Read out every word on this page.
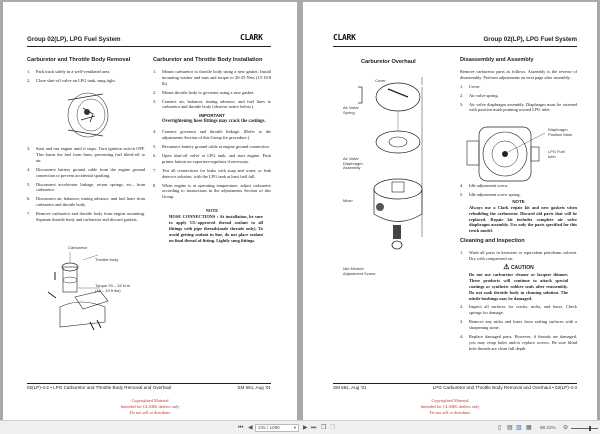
Group 02(LP), LPG Fuel System	CLARK
Carburetor and Throttle Body Removal
1.	Park truck safely in a well-ventilated area.
2.	Close shut-off valve on LPG tank, snug tight.
3.	Start and run engine until it stops. Turn ignition switch OFF. This burns the fuel from lines, preventing fuel bleed-off to air.
4.	Disconnect battery ground cable from the engine ground connection to prevent accidental sparking.
5.	Disconnect accelerator linkage, return springs, etc., from carburetor.
6.	Disconnect air, balancer, timing advance, and fuel lines from carburetor and throttle body.
7.	Remove carburetor and throttle body from engine mounting. Separate throttle body and carburetor and discard gaskets.
Carburetor
Throttle body
Torque 20 – 26 N.m
(15 – 19 ft lbs)
Carburetor and Throttle Body Installation
1.	Mount carburetor to throttle body using a new gasket. Install mounting washer and nuts and torque to 20-25 N•m (15-18.8 lb).
2.	Mount throttle body to governor using a new gasket.
3.	Connect air, balancer, timing advance, and fuel lines to carburetor and throttle body (observe notice below.)
IMPORTANT
Overtightening hose fittings may crack the castings.
4.	Connect governor and throttle linkage. (Refer to the adjustments Section of this Group for procedure.)
5.	Reconnect battery ground cable at engine ground connection.
6.	Open shut-off valve at LPG tank, and start engine. Push primer button on vaporizer-regulator if necessary.
7.	Test all connections for leaks with soap and water, or leak detector solution, with the LPG tank at least half full.
8.	When engine is at operating temperature, adjust carburetor according to instructions in the adjustments Section of this Group.
NOTE
HOSE CONNECTIONS : At installation, be sure to apply UL-approved thread sealant to all fittings with pipe threads(male threads only). To avoid getting sealant in line, do not place sealant on final thread of fitting. Lightly snug fittings.
02(LP)-4-2 • LPG Carburetor and Throttle Body Removal and Overhaul	SM 661, Aug '01
Copyrighted Material
Intended for CLARK dealers only
Do not sell or distribute
CLARK	Group 02(LP), LPG Fuel System
Carburetor Overhaul
Cover
Air Valve Spring
Air Valve Diaphragm Assembly
Mixer
Idle Mixture Adjustment Screw
Disassembly and Assembly
Remove carburetor parts as follows. Assembly is the reverse of disassembly. Perform adjustments on next page after assembly.
1.	Cover.
2.	Air valve spring.
3.	Air valve diaphragm assembly. Diaphragm must be oriented with position mark pointing toward LPG inlet.
Diaphragm Position Mark
LPG Fuel Inlet
4.	Idle adjustment screw.
5.	Idle adjustment screw spring.
NOTE
Always use a Clark repair kit and new gaskets when rebuilding the carburetor. Discard old parts that will be replaced. Repair kit includes complete air valve diaphragm assembly. Use only the parts specified for this truck model.
Cleaning and Inspection
1.	Wash all parts in kerosene or equivalent petroleum solvent. Dry with compressed air.
⚠ CAUTION
Do not use carburetor cleaner or lacquer thinner. These products will continue to attack special coatings or synthetic rubber seals after reassembly. Do not soak throttle body in cleaning solution. The nitrile bushings may be damaged.
2.	Inspect all surfaces for cracks, nicks, and burrs. Check springs for damage.
3.	Remove any nicks and burrs from sealing surfaces with a sharpening stone.
4.	Replace damaged parts. However, if threads are damaged, you may retap holes and/or replace screws. Be sure blind hole threads are clean full depth.
SM 661, Aug '01	LPG Carburetor and Throttle Body Removal and Overhaul • 02(LP)-4-3
Copyrighted Material
Intended for CLARK dealers only
Do not sell or distribute
⏮ ◀	225 / 1086	▾ ▶ ⏭ ❐ ❐	▯ ▤ ▥ ▦ 98.22% ⊖
